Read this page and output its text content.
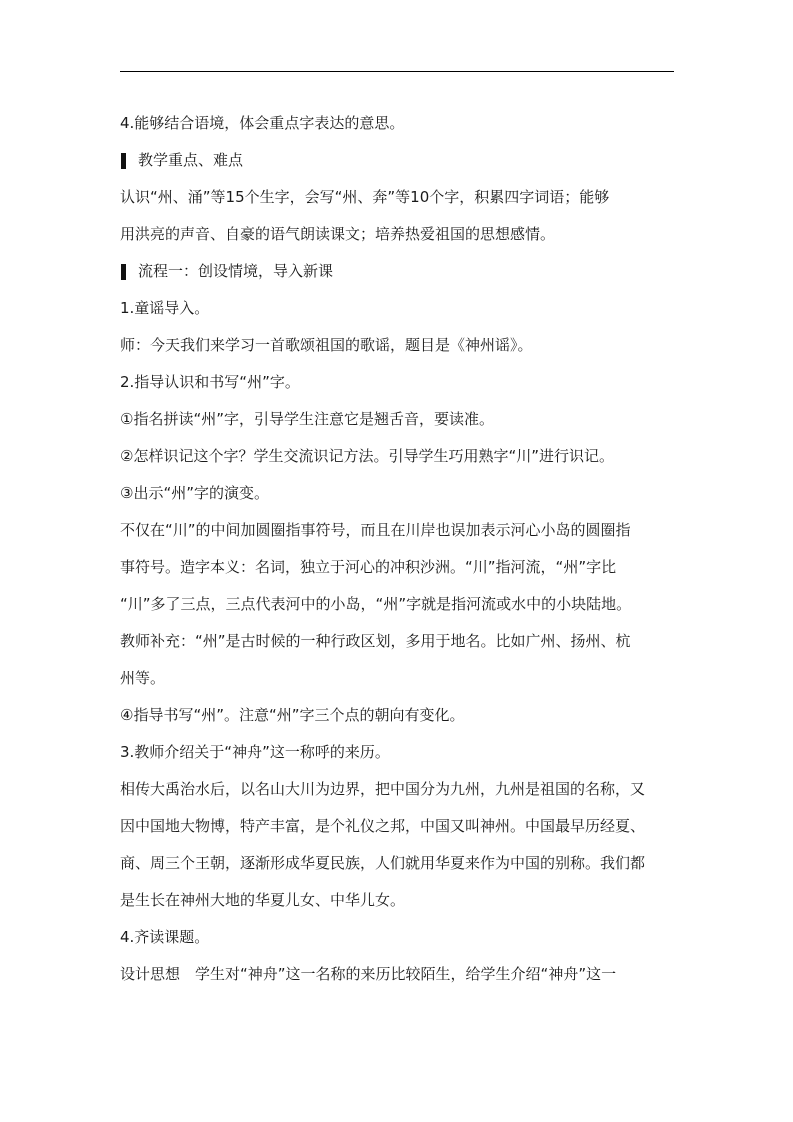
4.能够结合语境，体会重点字表达的意思。
教学重点、难点
认识“州、涌”等15个生字，会写“州、奔”等10个字，积累四字词语；能够
用洪亮的声音、自豪的语气朗读课文；培养热爱祖国的思想感情。
流程一：创设情境，导入新课
1.童谣导入。
师：今天我们来学习一首歌颂祖国的歌谣，题目是《神州谣》。
2.指导认识和书写“州”字。
①指名拼读“州”字，引导学生注意它是翘舌音，要读准。
②怎样识记这个字？学生交流识记方法。引导学生巧用熟字“川”进行识记。
③出示“州”字的演变。
不仅在“川”的中间加圆圈指事符号，而且在川岸也误加表示河心小岛的圆圈指
事符号。造字本义：名词，独立于河心的冲积沙洲。“川”指河流，“州”字比
“川”多了三点，三点代表河中的小岛，“州”字就是指河流或水中的小块陆地。
教师补充：“州”是古时候的一种行政区划，多用于地名。比如广州、扬州、杭
州等。
④指导书写“州”。注意“州”字三个点的朝向有变化。
3.教师介绍关于“神舟”这一称呼的来历。
相传大禹治水后，以名山大川为边界，把中国分为九州，九州是祖国的名称，又
因中国地大物博，特产丰富，是个礼仪之邦，中国又叫神州。中国最早历经夏、
商、周三个王朝，逐渐形成华夏民族，人们就用华夏来作为中国的别称。我们都
是生长在神州大地的华夏儿女、中华儿女。
4.齐读课题。
设计思想　学生对“神舟”这一名称的来历比较陌生，给学生介绍“神舟”这一
